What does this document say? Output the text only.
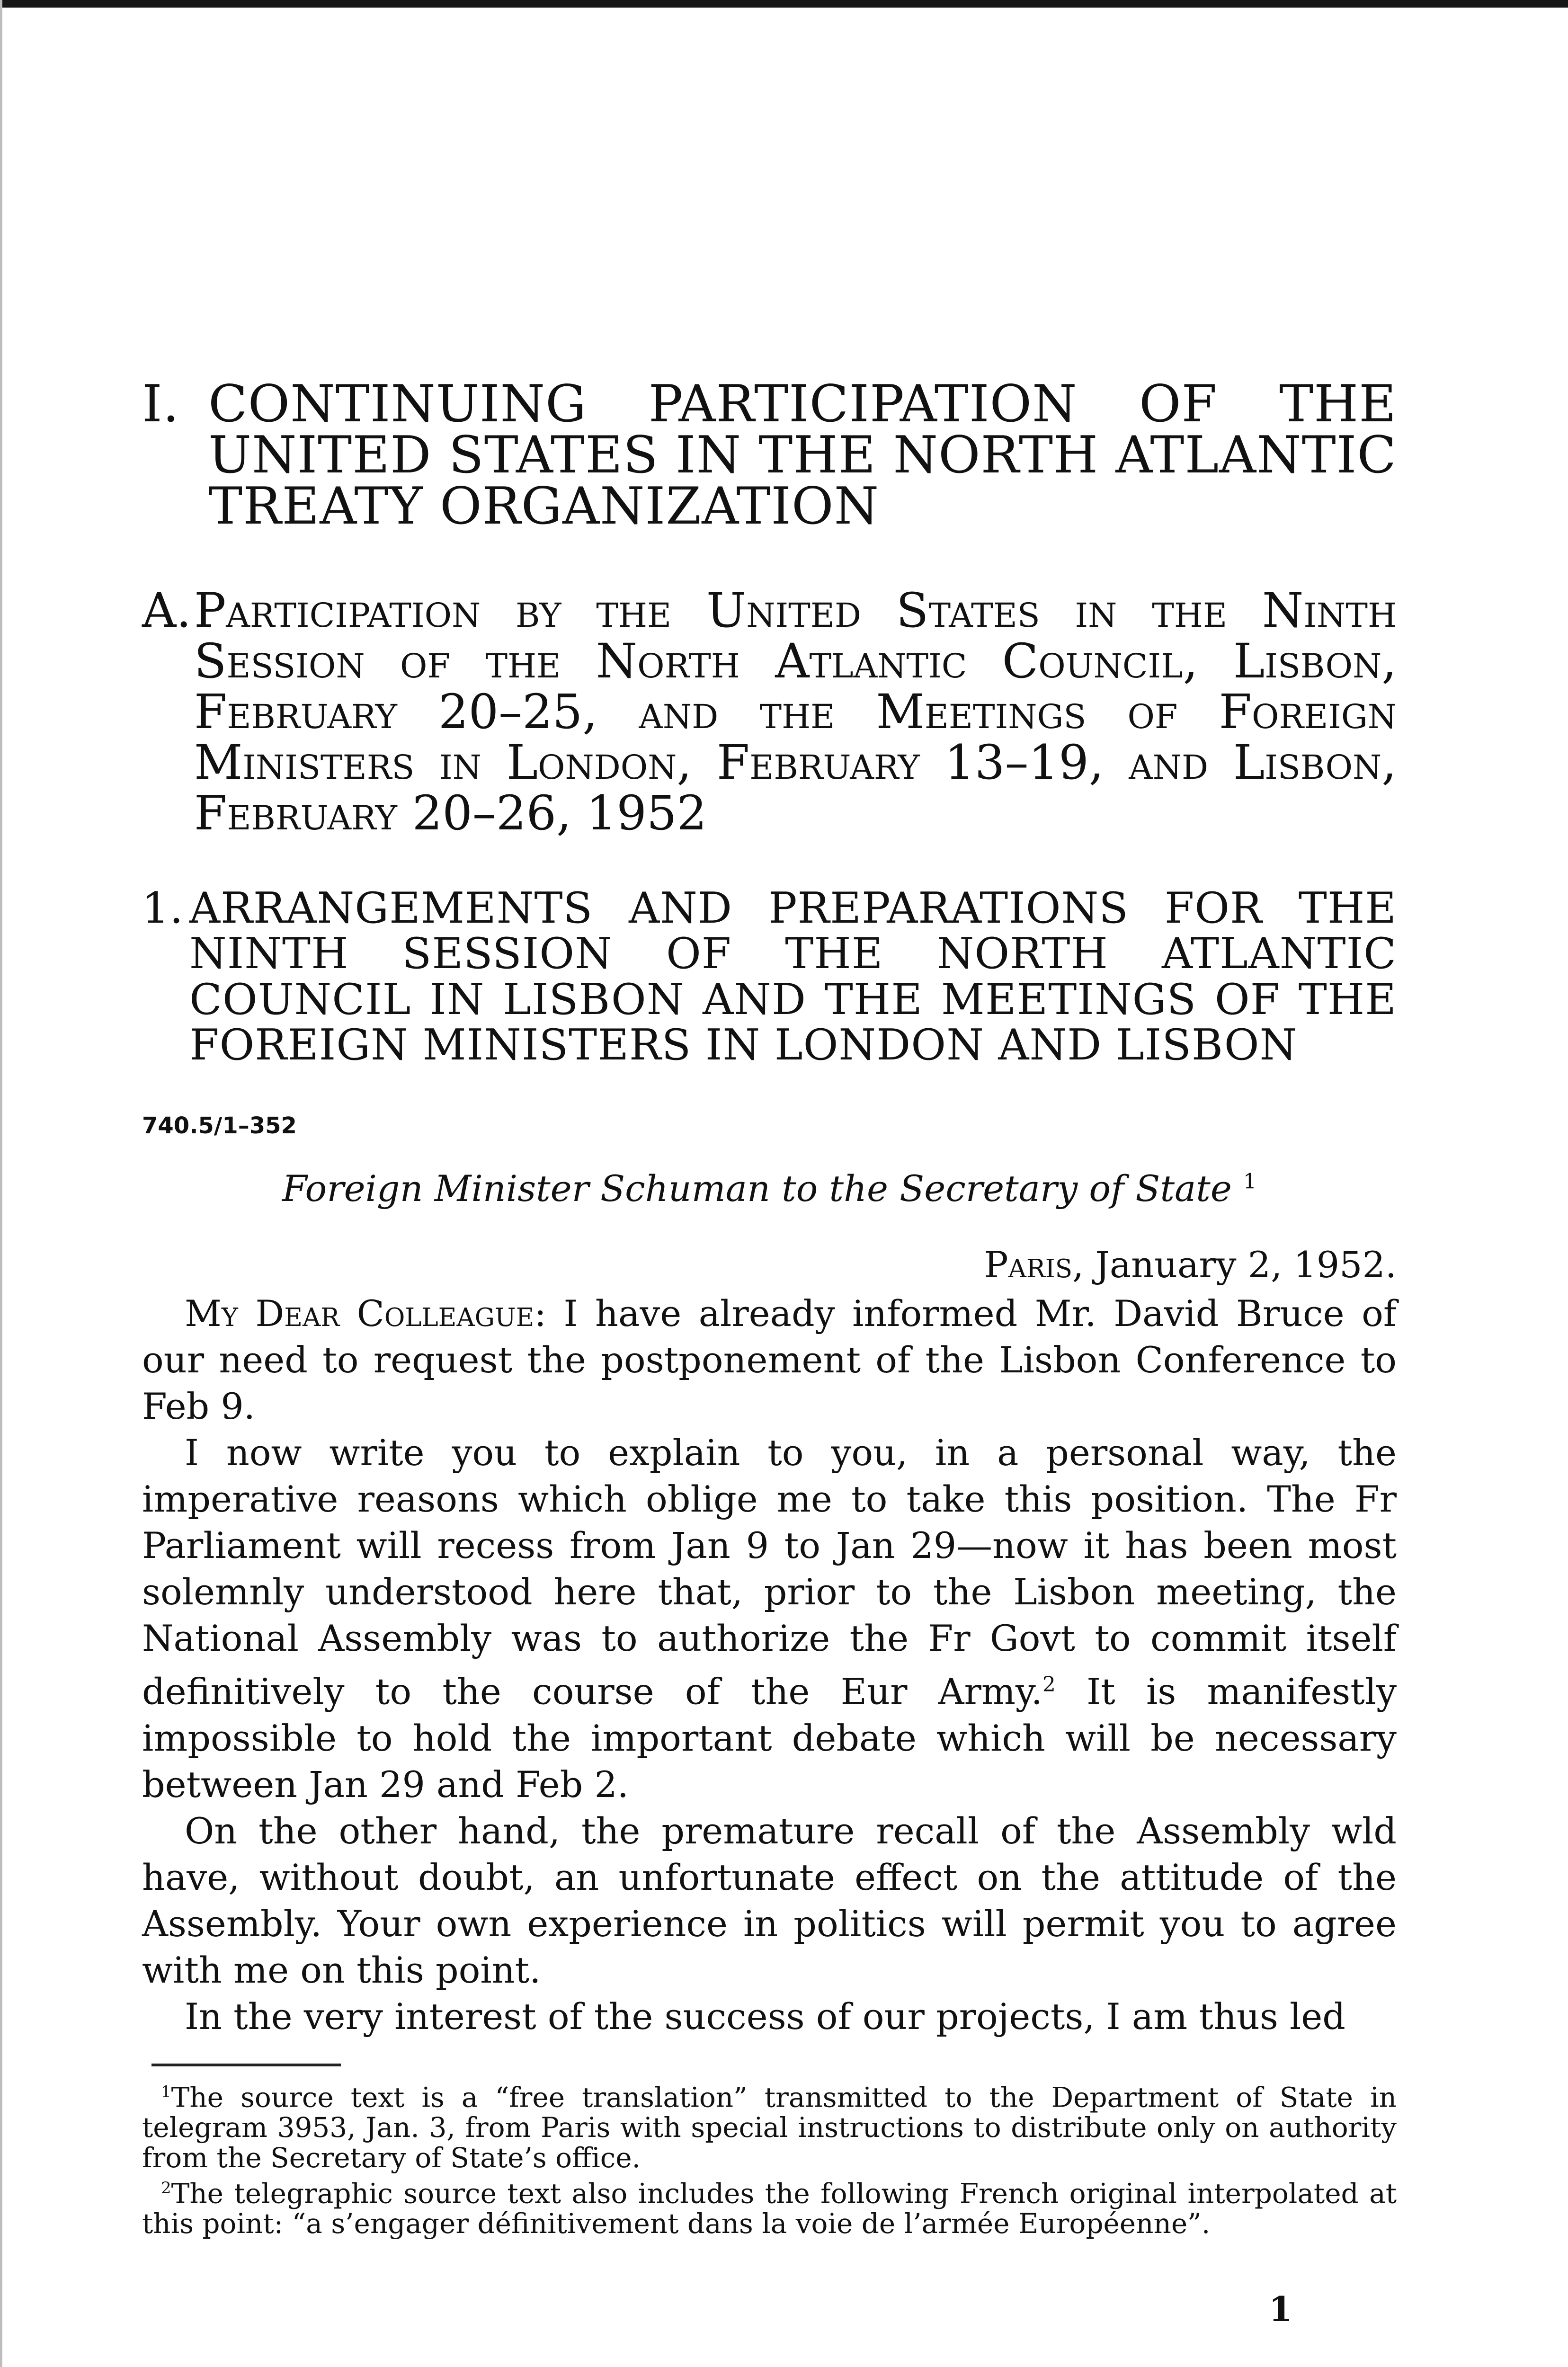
I. CONTINUING PARTICIPATION OF THE UNITED STATES IN THE NORTH ATLANTIC TREATY ORGANIZATION
A. Participation by the United States in the Ninth Session of the North Atlantic Council, Lisbon, February 20–25, and the Meetings of Foreign Ministers in London, February 13–19, and Lisbon, February 20–26, 1952
1. ARRANGEMENTS AND PREPARATIONS FOR THE NINTH SESSION OF THE NORTH ATLANTIC COUNCIL IN LISBON AND THE MEETINGS OF THE FOREIGN MINISTERS IN LONDON AND LISBON
740.5/1–352
Foreign Minister Schuman to the Secretary of State $^1$
Paris, January 2, 1952.

My Dear Colleague: I have already informed Mr. David Bruce of our need to request the postponement of the Lisbon Conference to Feb 9.

I now write you to explain to you, in a personal way, the imperative reasons which oblige me to take this position. The Fr Parliament will recess from Jan 9 to Jan 29—now it has been most solemnly understood here that, prior to the Lisbon meeting, the National Assembly was to authorize the Fr Govt to commit itself definitively to the course of the Eur Army.$^2$ It is manifestly impossible to hold the important debate which will be necessary between Jan 29 and Feb 2.

On the other hand, the premature recall of the Assembly wld have, without doubt, an unfortunate effect on the attitude of the Assembly. Your own experience in politics will permit you to agree with me on this point.

In the very interest of the success of our projects, I am thus led

$^1$The source text is a “free translation” transmitted to the Department of State in telegram 3953, Jan. 3, from Paris with special instructions to distribute only on authority from the Secretary of State’s office.

$^2$The telegraphic source text also includes the following French original interpolated at this point: “a s’engager définitivement dans la voie de l’armée Européenne”.

1
